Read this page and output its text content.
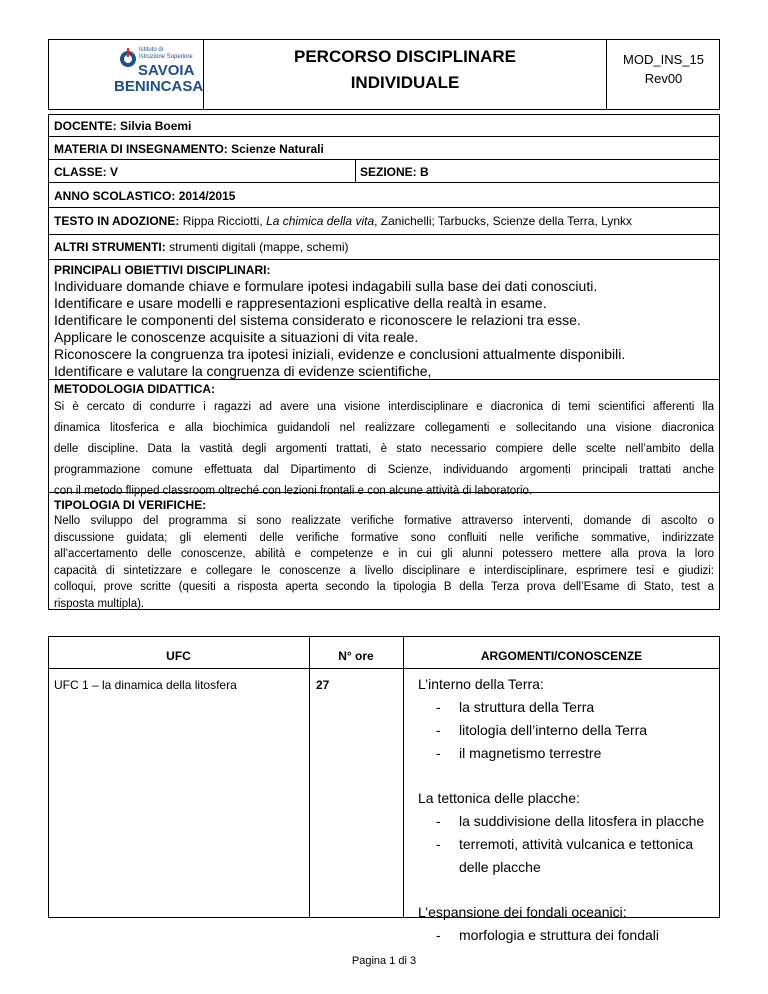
Istituto di
Istruzione Superiore
SAVOIA
BENINCASA
PERCORSO DISCIPLINARE
INDIVIDUALE
MOD_INS_15
Rev00
DOCENTE: Silvia Boemi
MATERIA DI INSEGNAMENTO: Scienze Naturali
CLASSE: V	SEZIONE: B
ANNO SCOLASTICO: 2014/2015
TESTO IN ADOZIONE: Rippa Ricciotti, La chimica della vita, Zanichelli; Tarbucks, Scienze della Terra, Lynkx
ALTRI STRUMENTI: strumenti digitali (mappe, schemi)
PRINCIPALI OBIETTIVI DISCIPLINARI:
Individuare domande chiave e formulare ipotesi indagabili sulla base dei dati conosciuti.
Identificare e usare modelli e rappresentazioni esplicative della realtà in esame.
Identificare le componenti del sistema considerato e riconoscere le relazioni tra esse.
Applicare le conoscenze acquisite a situazioni di vita reale.
Riconoscere la congruenza tra ipotesi iniziali, evidenze e conclusioni attualmente disponibili.
Identificare e valutare la congruenza di evidenze scientifiche,
METODOLOGIA DIDATTICA:
Si è cercato di condurre i ragazzi ad avere una visione interdisciplinare e diacronica di temi scientifici afferenti lla
dinamica litosferica e alla biochimica guidandoli nel realizzare collegamenti e sollecitando una visione diacronica
delle discipline. Data la vastità degli argomenti trattati, è stato necessario compiere delle scelte nell’ambito della
programmazione comune effettuata dal Dipartimento di Scienze, individuando argomenti principali trattati anche
con il metodo flipped classroom oltreché con lezioni frontali e con alcune attività di laboratorio.
TIPOLOGIA DI VERIFICHE:
Nello sviluppo del programma si sono realizzate verifiche formative attraverso interventi, domande di ascolto o
discussione guidata; gli elementi delle verifiche formative sono confluiti nelle verifiche sommative, indirizzate
all’accertamento delle conoscenze, abilità e competenze e in cui gli alunni potessero mettere alla prova la loro
capacità di sintetizzare e collegare le conoscenze a livello disciplinare e interdisciplinare, esprimere tesi e giudizi:
colloqui, prove scritte (quesiti a risposta aperta secondo la tipologia B della Terza prova dell’Esame di Stato, test a
risposta multipla).
UFC	N° ore	ARGOMENTI/CONOSCENZE
UFC 1 – la dinamica della litosfera	27	L’interno della Terra:
- la struttura della Terra
- litologia dell’interno della Terra
- il magnetismo terrestre
La tettonica delle placche:
- la suddivisione della litosfera in placche
- terremoti, attività vulcanica e tettonica
delle placche
L’espansione dei fondali oceanici:
- morfologia e struttura dei fondali
Pagina 1 di 3
